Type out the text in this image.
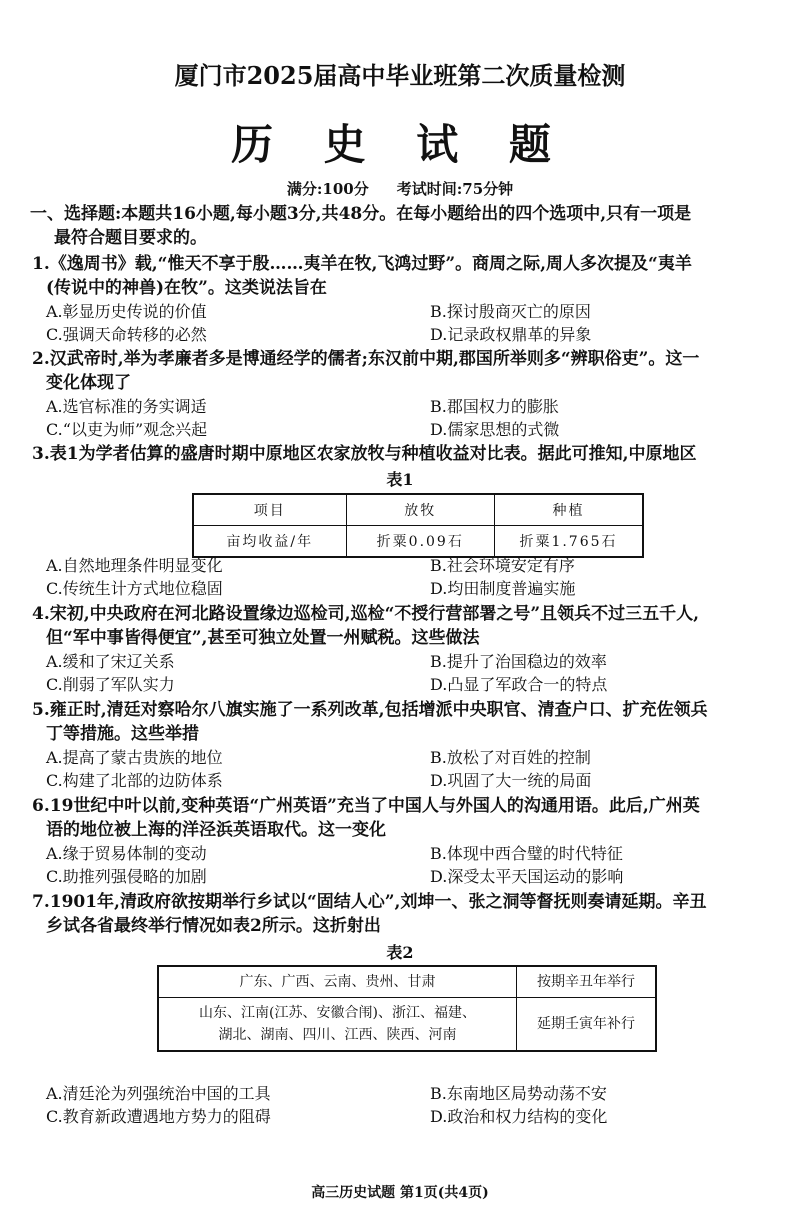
厦门市2025届高中毕业班第二次质量检测
历 史 试 题
满分:100分 考试时间:75分钟
一、选择题:本题共16小题,每小题3分,共48分。在每小题给出的四个选项中,只有一项是
最符合题目要求的。
1.《逸周书》载,“惟天不享于殷……夷羊在牧,飞鸿过野”。商周之际,周人多次提及“夷羊
(传说中的神兽)在牧”。这类说法旨在
A.彰显历史传说的价值	B.探讨殷商灭亡的原因
C.强调天命转移的必然	D.记录政权鼎革的异象
2.汉武帝时,举为孝廉者多是博通经学的儒者;东汉前中期,郡国所举则多“辨职俗吏”。这一
变化体现了
A.选官标准的务实调适	B.郡国权力的膨胀
C.“以吏为师”观念兴起	D.儒家思想的式微
3.表1为学者估算的盛唐时期中原地区农家放牧与种植收益对比表。据此可推知,中原地区
表1
项目	放牧	种植
亩均收益/年	折粟0.09石	折粟1.765石
A.自然地理条件明显变化	B.社会环境安定有序
C.传统生计方式地位稳固	D.均田制度普遍实施
4.宋初,中央政府在河北路设置缘边巡检司,巡检“不授行营部署之号”且领兵不过三五千人,
但“军中事皆得便宜”,甚至可独立处置一州赋税。这些做法
A.缓和了宋辽关系	B.提升了治国稳边的效率
C.削弱了军队实力	D.凸显了军政合一的特点
5.雍正时,清廷对察哈尔八旗实施了一系列改革,包括增派中央职官、清查户口、扩充佐领兵
丁等措施。这些举措
A.提高了蒙古贵族的地位	B.放松了对百姓的控制
C.构建了北部的边防体系	D.巩固了大一统的局面
6.19世纪中叶以前,变种英语“广州英语”充当了中国人与外国人的沟通用语。此后,广州英
语的地位被上海的洋泾浜英语取代。这一变化
A.缘于贸易体制的变动	B.体现中西合璧的时代特征
C.助推列强侵略的加剧	D.深受太平天国运动的影响
7.1901年,清政府欲按期举行乡试以“固结人心”,刘坤一、张之洞等督抚则奏请延期。辛丑
乡试各省最终举行情况如表2所示。这折射出
表2
广东、广西、云南、贵州、甘肃	按期辛丑年举行

山东、江南(江苏、安徽合闱)、浙江、福建、
湖北、湖南、四川、江西、陕西、河南	延期壬寅年补行
A.清廷沦为列强统治中国的工具	B.东南地区局势动荡不安
C.教育新政遭遇地方势力的阻碍	D.政治和权力结构的变化
高三历史试题 第1页(共4页)
